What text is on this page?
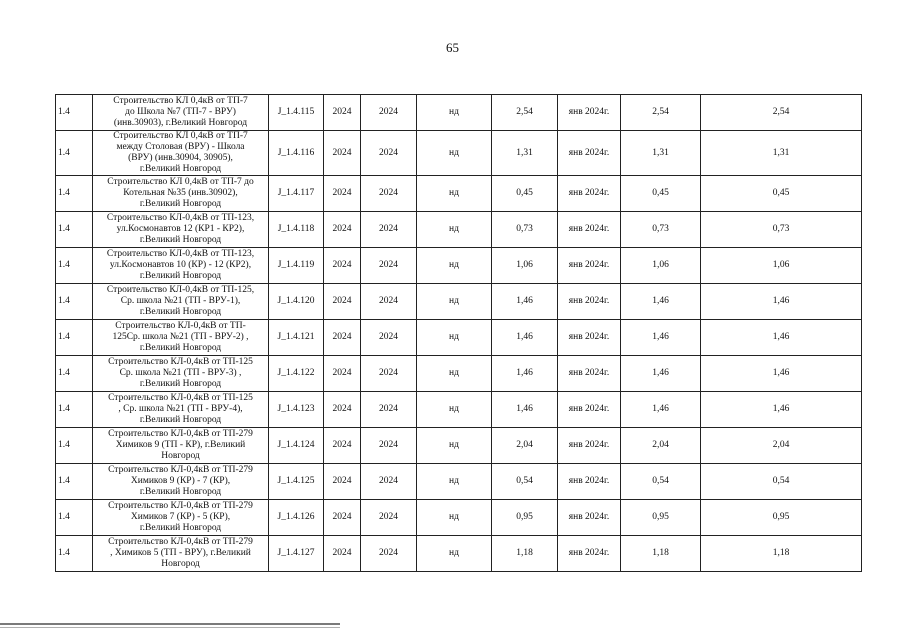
65
1.4	Строительство КЛ 0,4кВ от ТП-7
до Школа №7 (ТП-7 - ВРУ)
(инв.30903), г.Великий Новгород	J_1.4.115	2024	2024	нд	2,54	янв 2024г.	2,54	2,54
1.4	Строительство КЛ 0,4кВ от ТП-7
между Столовая (ВРУ) - Школа
(ВРУ) (инв.30904, 30905),
г.Великий Новгород	J_1.4.116	2024	2024	нд	1,31	янв 2024г.	1,31	1,31
1.4	Строительство КЛ 0,4кВ от ТП-7 до
Котельная №35 (инв.30902),
г.Великий Новгород	J_1.4.117	2024	2024	нд	0,45	янв 2024г.	0,45	0,45
1.4	Строительство КЛ-0,4кВ от ТП-123,
ул.Космонавтов 12 (КР1 - КР2),
г.Великий Новгород	J_1.4.118	2024	2024	нд	0,73	янв 2024г.	0,73	0,73
1.4	Строительство КЛ-0,4кВ от ТП-123,
ул.Космонавтов 10 (КР) - 12 (КР2),
г.Великий Новгород	J_1.4.119	2024	2024	нд	1,06	янв 2024г.	1,06	1,06
1.4	Строительство КЛ-0,4кВ от ТП-125,
Ср. школа №21 (ТП - ВРУ-1),
г.Великий Новгород	J_1.4.120	2024	2024	нд	1,46	янв 2024г.	1,46	1,46
1.4	Строительство КЛ-0,4кВ от ТП-
125Ср. школа №21 (ТП - ВРУ-2) ,
г.Великий Новгород	J_1.4.121	2024	2024	нд	1,46	янв 2024г.	1,46	1,46
1.4	Строительство КЛ-0,4кВ от ТП-125
Ср. школа №21 (ТП - ВРУ-3) ,
г.Великий Новгород	J_1.4.122	2024	2024	нд	1,46	янв 2024г.	1,46	1,46
1.4	Строительство КЛ-0,4кВ от ТП-125
, Ср. школа №21 (ТП - ВРУ-4),
г.Великий Новгород	J_1.4.123	2024	2024	нд	1,46	янв 2024г.	1,46	1,46
1.4	Строительство КЛ-0,4кВ от ТП-279
Химиков 9 (ТП - КР), г.Великий
Новгород	J_1.4.124	2024	2024	нд	2,04	янв 2024г.	2,04	2,04
1.4	Строительство КЛ-0,4кВ от ТП-279
Химиков 9 (КР) - 7 (КР),
г.Великий Новгород	J_1.4.125	2024	2024	нд	0,54	янв 2024г.	0,54	0,54
1.4	Строительство КЛ-0,4кВ от ТП-279
Химиков 7 (КР) - 5 (КР),
г.Великий Новгород	J_1.4.126	2024	2024	нд	0,95	янв 2024г.	0,95	0,95
1.4	Строительство КЛ-0,4кВ от ТП-279
, Химиков 5 (ТП - ВРУ), г.Великий
Новгород	J_1.4.127	2024	2024	нд	1,18	янв 2024г.	1,18	1,18
